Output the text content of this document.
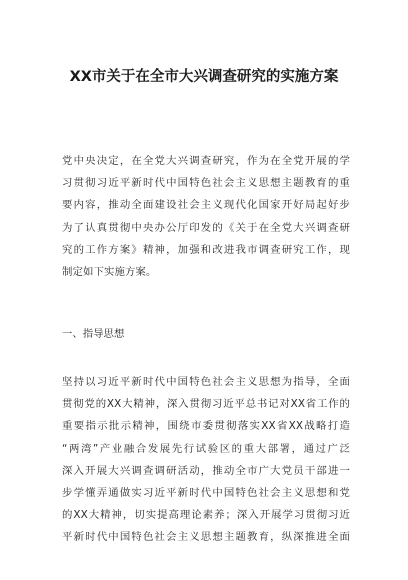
XX市关于在全市大兴调查研究的实施方案
党中央决定，在全党大兴调查研究，作为在全党开展的学
习贯彻习近平新时代中国特色社会主义思想主题教育的重
要内容，推动全面建设社会主义现代化国家开好局起好步
为了认真贯彻中央办公厅印发的《关于在全党大兴调查研
究的工作方案》精神，加强和改进我市调查研究工作，现
制定如下实施方案。
一、指导思想
坚持以习近平新时代中国特色社会主义思想为指导，全面
贯彻党的XX大精神，深入贯彻习近平总书记对XX省工作的
重要指示批示精神，围绕市委贯彻落实XX省XX战略打造
“两湾”产业融合发展先行试验区的重大部署，通过广泛
深入开展大兴调查调研活动，推动全市广大党员干部进一
步学懂弄通做实习近平新时代中国特色社会主义思想和党
的XX大精神，切实提高理论素养；深入开展学习贯彻习近
平新时代中国特色社会主义思想主题教育，纵深推进全面
